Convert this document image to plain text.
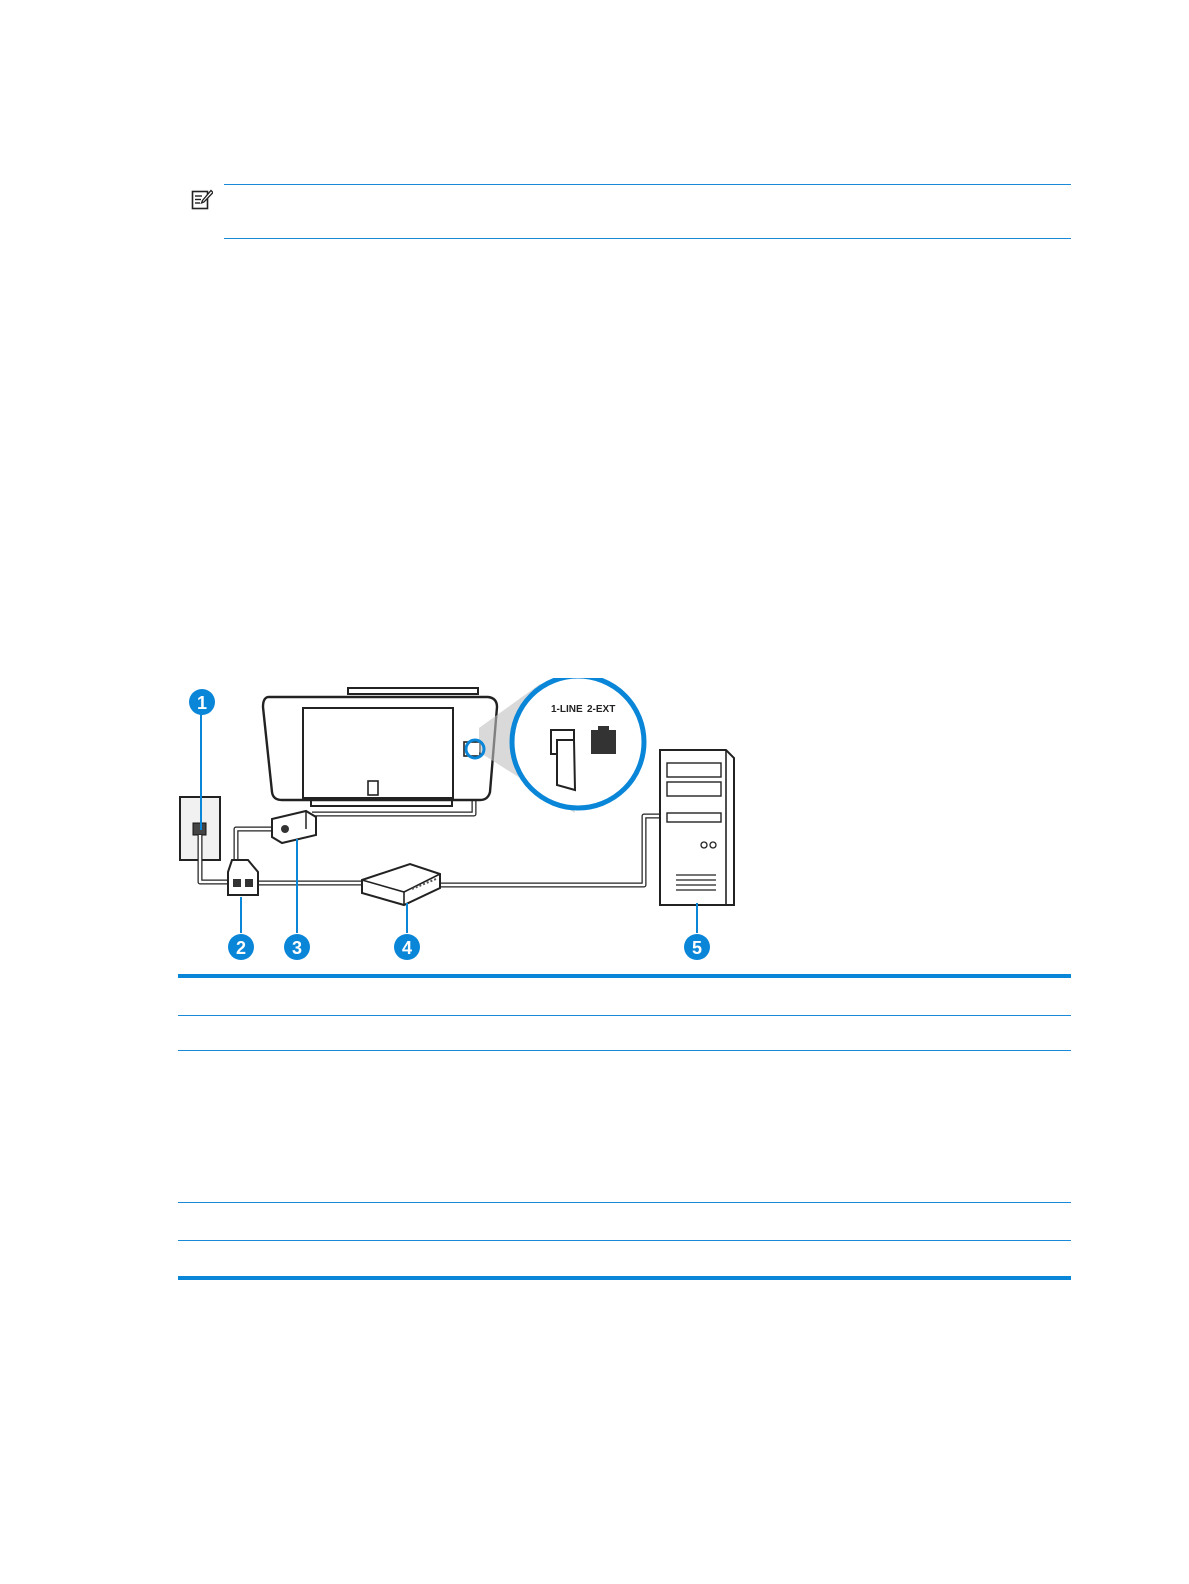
1-LINE 2-EXT
1
2	3	4	5
